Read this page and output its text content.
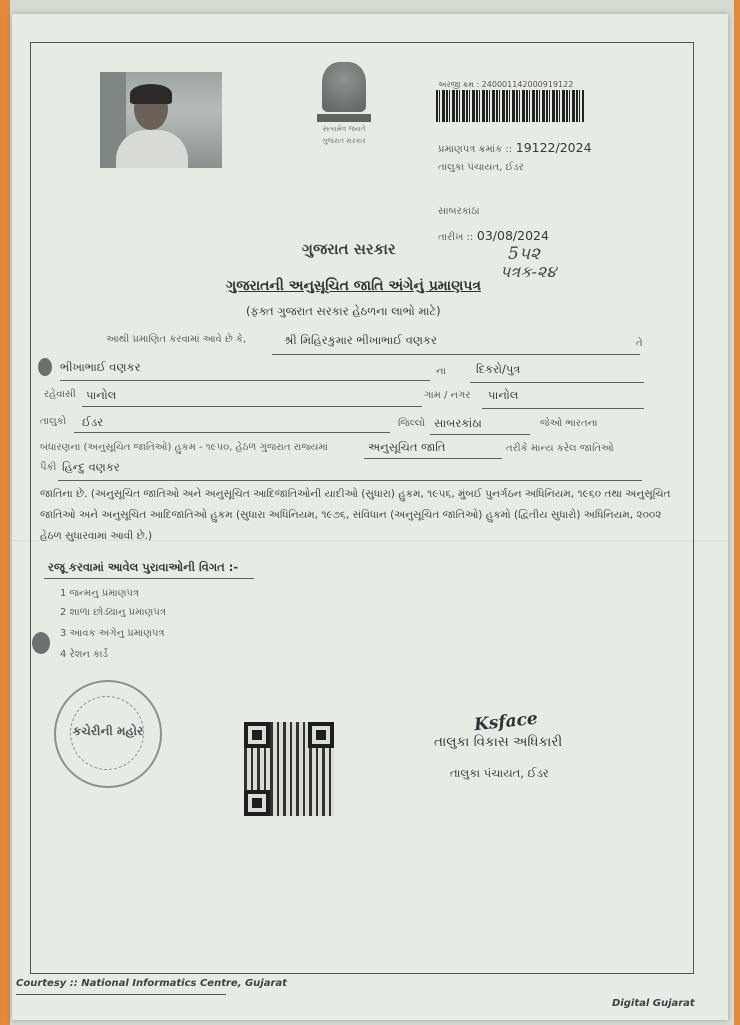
સત્યમેવ જયતે
ગુજરાત સરકાર
અરજી ક્રમ : 240001142000919122
પ્રમાણપત્ર ક્રમાંક :: 19122/2024
તાલુકા પંચાયત, ઈડર
સાબરકાંઠા
તારીખ :: 03/08/2024
5૫૨
પત્રક-૨૪
ગુજરાત સરકાર
ગુજરાતની અનુસૂચિત જાતિ અંગેનું પ્રમાણપત્ર
(ફક્ત ગુજરાત સરકાર હેઠળના લાભો માટે)
આથી પ્રમાણિત કરવામાં આવે છે કે,	શ્રી મિહિરકુમાર ભીખાભાઈ વણકર	તે
ભીખાભાઈ વણકર	ના	દિકરો/પુત્ર
રહેવાસી પાનોલ	ગામ / નગર પાનોલ
તાલુકો ઈડર	જિલ્લો સાબરકાંઠા	જેઓ ભારતના
બંધારણના (અનુસૂચિત જાતિઓ) હુકમ - ૧૯૫૦, હેઠળ ગુજરાત રાજ્યમાં	અનુસૂચિત જાતિ	તરીકે માન્ય કરેલ જાતિઓ
પૈકી હિન્દુ વણકર
જાતિના છે. (અનુસૂચિત જાતિઓ અને અનુસૂચિત આદિજાતિઓની યાદીઓ (સુધારા) હુકમ, ૧૯૫૬, મુંબઈ પુનર્ગઠન અધિનિયમ, ૧૯૬૦ તથા અનુસૂચિત જાતિઓ અને અનુસૂચિત આદિજાતિઓ હુકમ (સુધારા અધિનિયમ, ૧૯૭૬, સંવિધાન (અનુસૂચિત જાતિઓ) હુકમો (દ્વિતીય સુધારો) અધિનિયમ, ૨૦૦૨ હેઠળ સુધારવામાં આવી છે.)
રજૂ કરવામાં આવેલ પુરાવાઓની વિગત :-
1 જન્મનુ પ્રમાણપત્ર
2 શાળા છોડ્યાનુ પ્રમાણપત્ર
3 આવક અંગેનુ પ્રમાણપત્ર
4 રેશન કાર્ડ
કચેરીની મહોર	Ksface
તાલુકા વિકાસ અધિકારી
તાલુકા પંચાયત, ઈડર
Courtesy :: National Informatics Centre, Gujarat
Digital Gujarat
